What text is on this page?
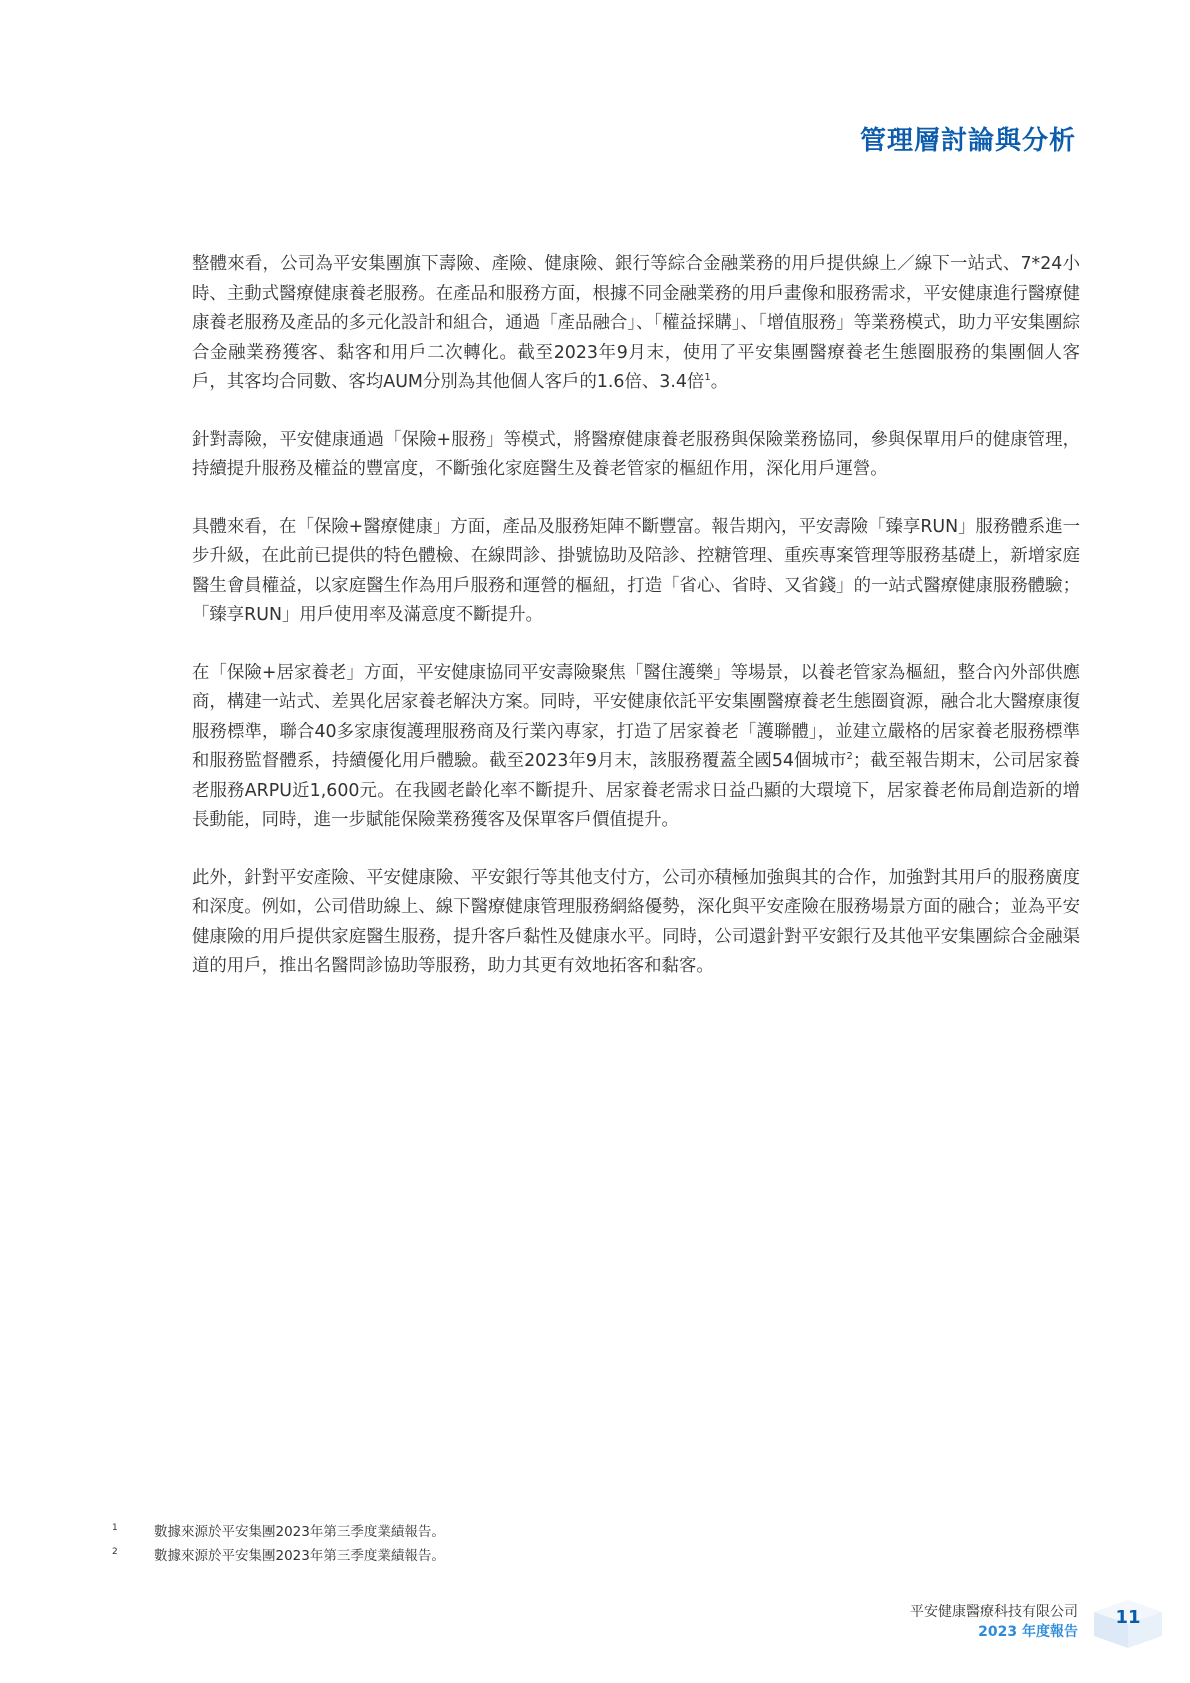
管理層討論與分析

整體來看，公司為平安集團旗下壽險、產險、健康險、銀行等綜合金融業務的用戶提供線上／線下一站式、7*24小時、主動式醫療健康養老服務。在產品和服務方面，根據不同金融業務的用戶畫像和服務需求，平安健康進行醫療健康養老服務及產品的多元化設計和組合，通過「產品融合」、「權益採購」、「增值服務」等業務模式，助力平安集團綜合金融業務獲客、黏客和用戶二次轉化。截至2023年9月末，使用了平安集團醫療養老生態圈服務的集團個人客戶，其客均合同數、客均AUM分別為其他個人客戶的1.6倍、3.4倍$^1$。

針對壽險，平安健康通過「保險+服務」等模式，將醫療健康養老服務與保險業務協同，參與保單用戶的健康管理，持續提升服務及權益的豐富度，不斷強化家庭醫生及養老管家的樞紐作用，深化用戶運營。

具體來看，在「保險+醫療健康」方面，產品及服務矩陣不斷豐富。報告期內，平安壽險「臻享RUN」服務體系進一步升級，在此前已提供的特色體檢、在線問診、掛號協助及陪診、控糖管理、重疾專案管理等服務基礎上，新增家庭醫生會員權益，以家庭醫生作為用戶服務和運營的樞紐，打造「省心、省時、又省錢」的一站式醫療健康服務體驗；「臻享RUN」用戶使用率及滿意度不斷提升。

在「保險+居家養老」方面，平安健康協同平安壽險聚焦「醫住護樂」等場景，以養老管家為樞紐，整合內外部供應商，構建一站式、差異化居家養老解決方案。同時，平安健康依託平安集團醫療養老生態圈資源，融合北大醫療康復服務標準，聯合40多家康復護理服務商及行業內專家，打造了居家養老「護聯體」，並建立嚴格的居家養老服務標準和服務監督體系，持續優化用戶體驗。截至2023年9月末，該服務覆蓋全國54個城市$^2$；截至報告期末，公司居家養老服務ARPU近1,600元。在我國老齡化率不斷提升、居家養老需求日益凸顯的大環境下，居家養老佈局創造新的增長動能，同時，進一步賦能保險業務獲客及保單客戶價值提升。

此外，針對平安產險、平安健康險、平安銀行等其他支付方，公司亦積極加強與其的合作，加強對其用戶的服務廣度和深度。例如，公司借助線上、線下醫療健康管理服務網絡優勢，深化與平安產險在服務場景方面的融合；並為平安健康險的用戶提供家庭醫生服務，提升客戶黏性及健康水平。同時，公司還針對平安銀行及其他平安集團綜合金融渠道的用戶，推出名醫問診協助等服務，助力其更有效地拓客和黏客。

1	數據來源於平安集團2023年第三季度業績報告。
2	數據來源於平安集團2023年第三季度業績報告。
平安健康醫療科技有限公司
2023 年度報告
11
